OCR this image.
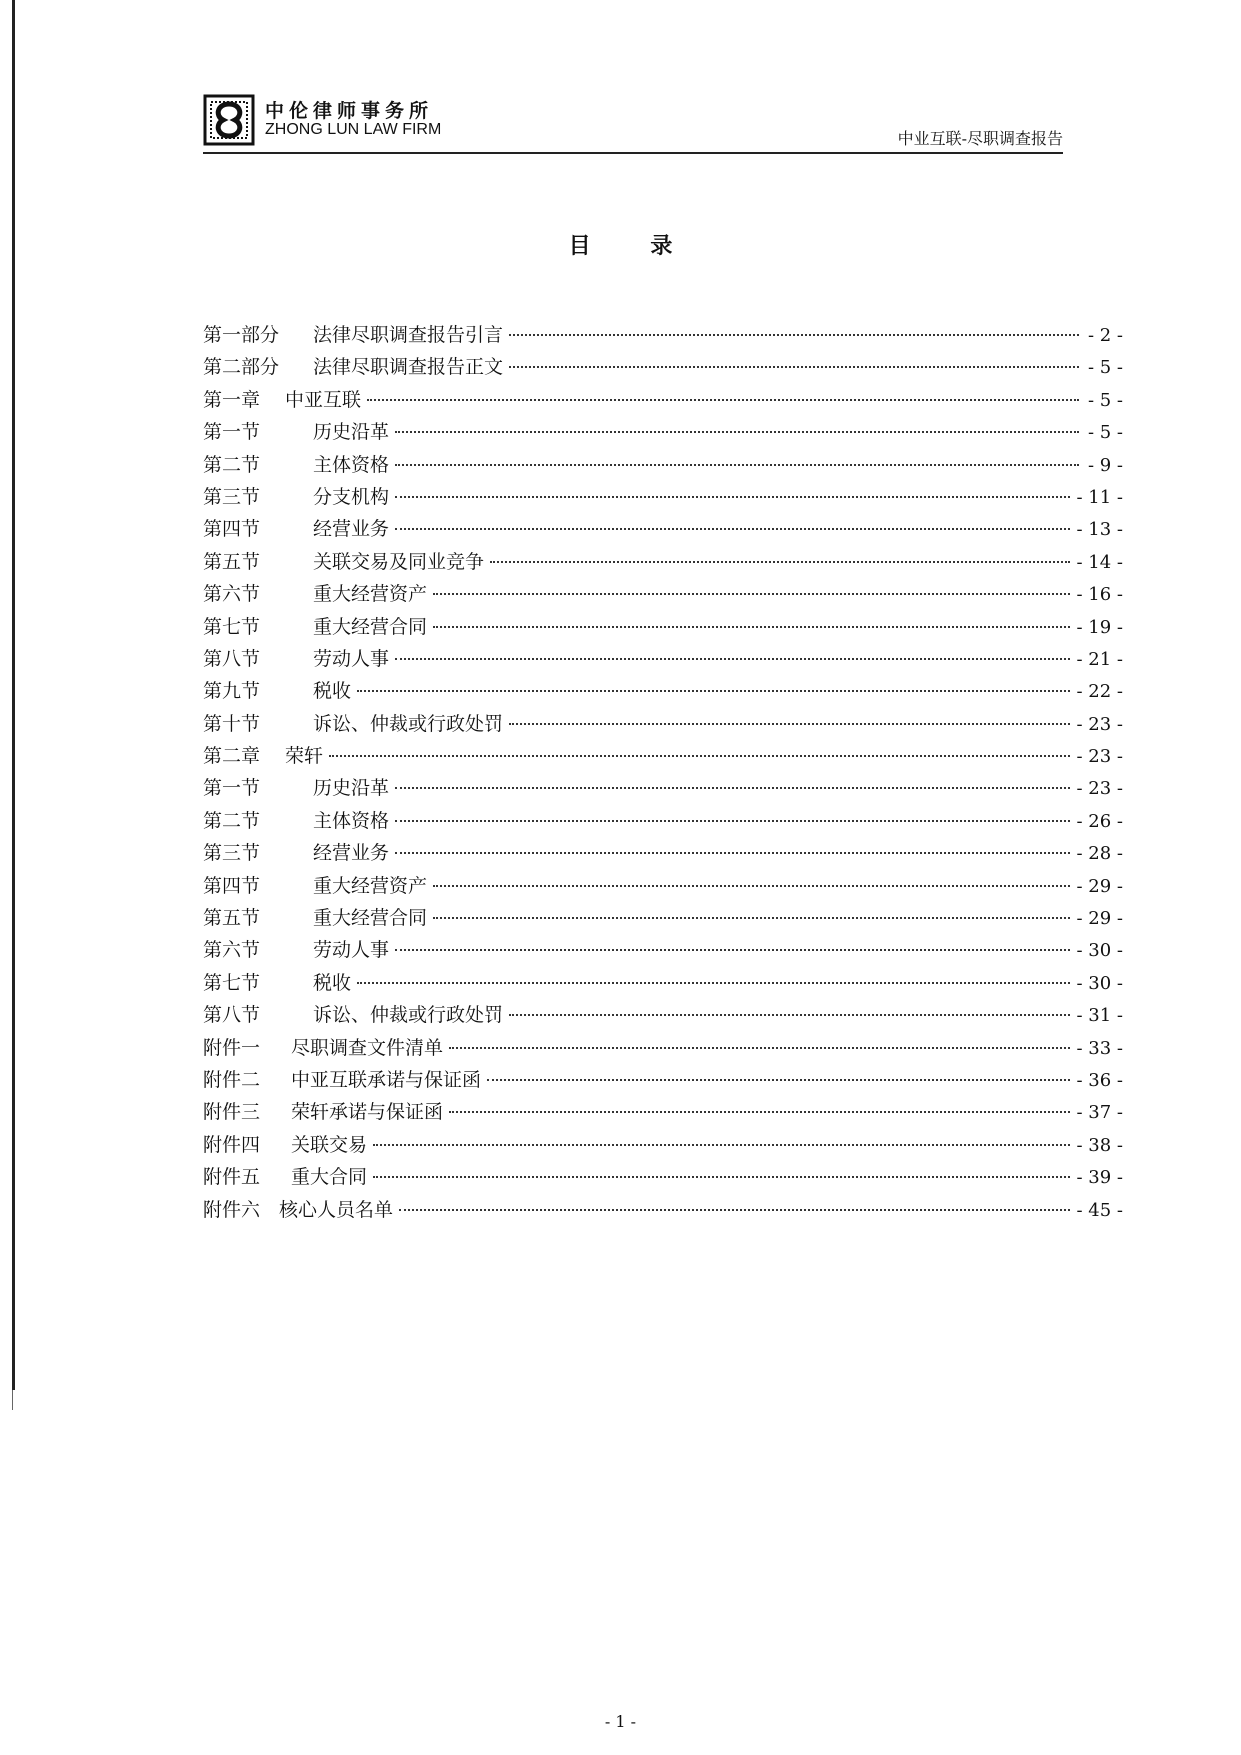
中伦律师事务所
ZHONG LUN LAW FIRM	中业互联-尽职调查报告
目 录
第一部分	法律尽职调查报告引言	- 2 -
第二部分	法律尽职调查报告正文	- 5 -
第一章	中亚互联	- 5 -
第一节	历史沿革	- 5 -
第二节	主体资格	- 9 -
第三节	分支机构	- 11 -
第四节	经营业务	- 13 -
第五节	关联交易及同业竞争	- 14 -
第六节	重大经营资产	- 16 -
第七节	重大经营合同	- 19 -
第八节	劳动人事	- 21 -
第九节	税收	- 22 -
第十节	诉讼、仲裁或行政处罚	- 23 -
第二章	荣轩	- 23 -
第一节	历史沿革	- 23 -
第二节	主体资格	- 26 -
第三节	经营业务	- 28 -
第四节	重大经营资产	- 29 -
第五节	重大经营合同	- 29 -
第六节	劳动人事	- 30 -
第七节	税收	- 30 -
第八节	诉讼、仲裁或行政处罚	- 31 -
附件一	尽职调查文件清单	- 33 -
附件二	中亚互联承诺与保证函	- 36 -
附件三	荣轩承诺与保证函	- 37 -
附件四	关联交易	- 38 -
附件五	重大合同	- 39 -
附件六 核心人员名单	- 45 -
- 1 -
